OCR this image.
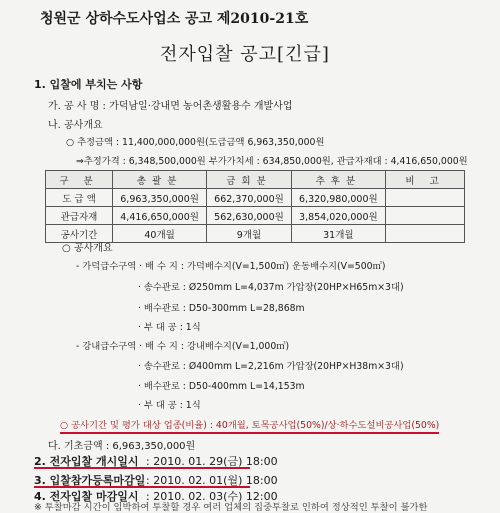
청원군 상하수도사업소 공고 제2010-21호
전자입찰 공고[긴급]
1. 입찰에 부치는 사항
가. 공 사 명 : 가덕남일·강내면 농어촌생활용수 개발사업
나. 공사개요
○ 추정금액 : 11,400,000,000원(도급금액 6,963,350,000원
⇒추정가격 : 6,348,500,000원 부가가치세 : 634,850,000원, 관급자재대 : 4,416,650,000원
구 분	총괄분	금회분	추후분	비 고
도 급 액	6,963,350,000원	662,370,000원	6,320,980,000원	
관급자재	4,416,650,000원	562,630,000원	3,854,020,000원	
공사기간	40개월	9개월	31개월	
○ 공사개요
- 가덕급수구역 · 배 수 지 : 가덕배수지(V=1,500㎥) 운동배수지(V=500㎥)
· 송수관로 : Ø250mm L=4,037m 가압장(20HP×H65m×3대)
· 배수관로 : D50-300mm L=28,868m
· 부 대 공 : 1식
- 강내급수구역 · 배 수 지 : 강내배수지(V=1,000㎥)
· 송수관로 : Ø400mm L=2,216m 가압장(20HP×H38m×3대)
· 배수관로 : D50-400mm L=14,153m
· 부 대 공 : 1식
○ 공사기간 및 평가 대상 업종(비율) : 40개월, 토목공사업(50%)/상·하수도설비공사업(50%)
다. 기초금액 : 6,963,350,000원
2. 전자입찰 개시일시 : 2010. 01. 29(금) 18:00
3. 입찰참가등록마감일 : 2010. 02. 01(월) 18:00
4. 전자입찰 마감일시 : 2010. 02. 03(수) 12:00
※ 투찰마감 시간이 임박하여 투찰할 경우 여러 업체의 집중투찰로 인하여 정상적인 투찰이 불가한
